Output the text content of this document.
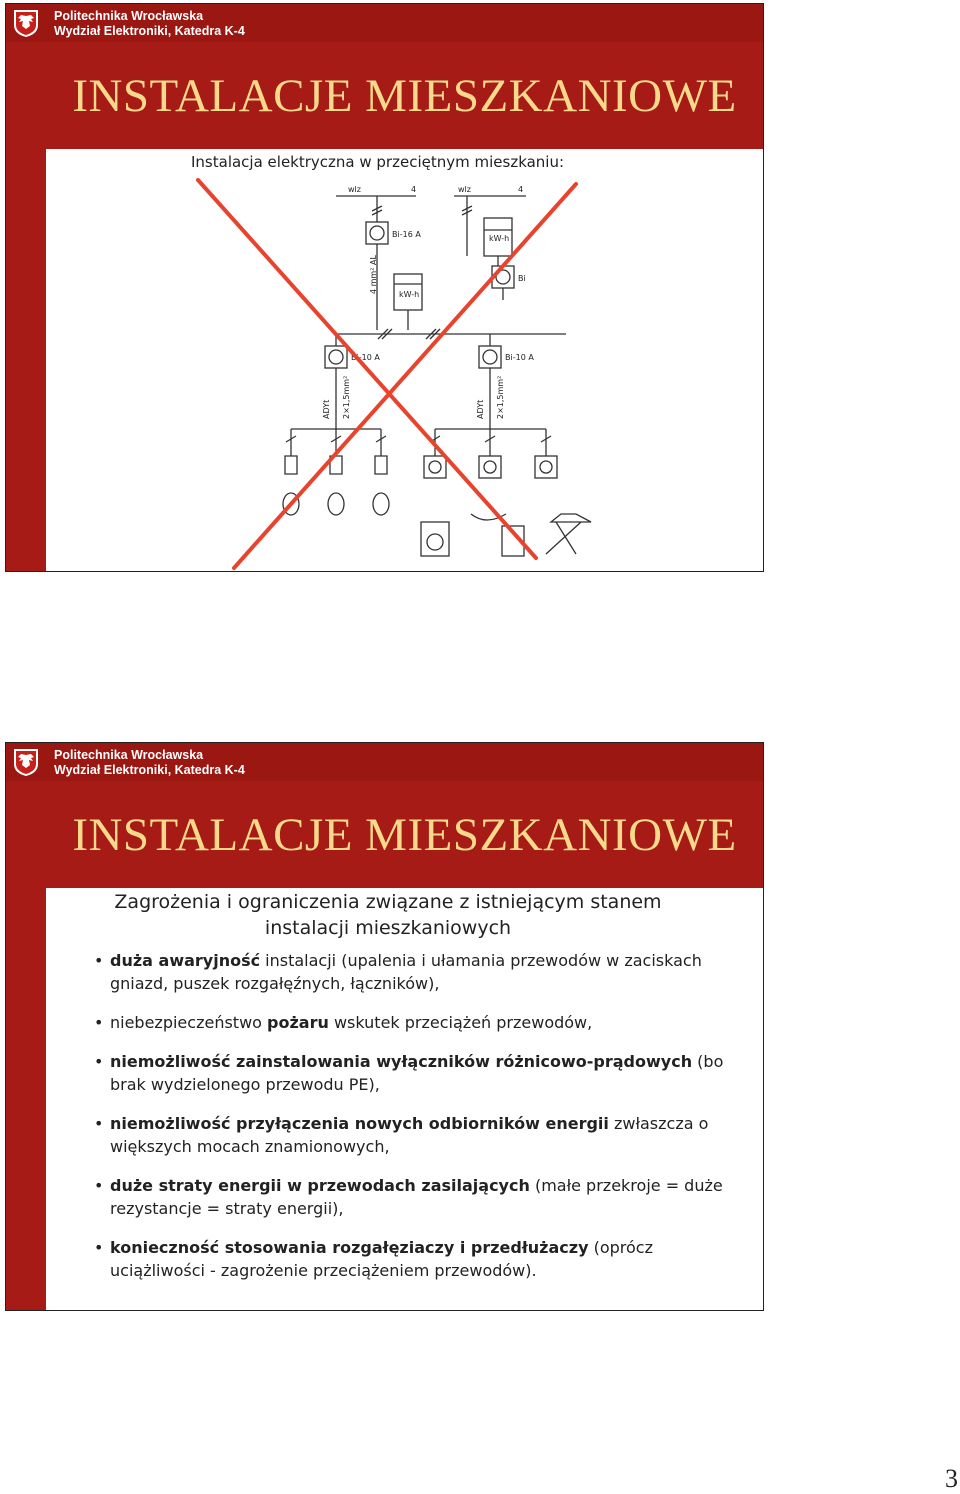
Politechnika Wrocławska
Wydział Elektroniki, Katedra K-4
INSTALACJE MIESZKANIOWE
Instalacja elektryczna w przeciętnym mieszkaniu:
wlz	4	wlz	4
Bi-16 A
kW-h
kW-h
Bi
Bi-10 A	Bi-10 A
4 mm² AL
ADYt 2×1,5mm²	ADYt 2×1,5mm²
Politechnika Wrocławska
Wydział Elektroniki, Katedra K-4
INSTALACJE MIESZKANIOWE
Zagrożenia i ograniczenia związane z istniejącym stanem
instalacji mieszkaniowych
• duża awaryjność instalacji (upalenia i ułamania przewodów w zaciskach gniazd, puszek rozgałęźnych, łączników),
• niebezpieczeństwo pożaru wskutek przeciążeń przewodów,
• niemożliwość zainstalowania wyłączników różnicowo-prądowych (bo brak wydzielonego przewodu PE),
• niemożliwość przyłączenia nowych odbiorników energii zwłaszcza o większych mocach znamionowych,
• duże straty energii w przewodach zasilających (małe przekroje = duże rezystancje = straty energii),
• konieczność stosowania rozgałęziaczy i przedłużaczy (oprócz uciążliwości - zagrożenie przeciążeniem przewodów).
3
